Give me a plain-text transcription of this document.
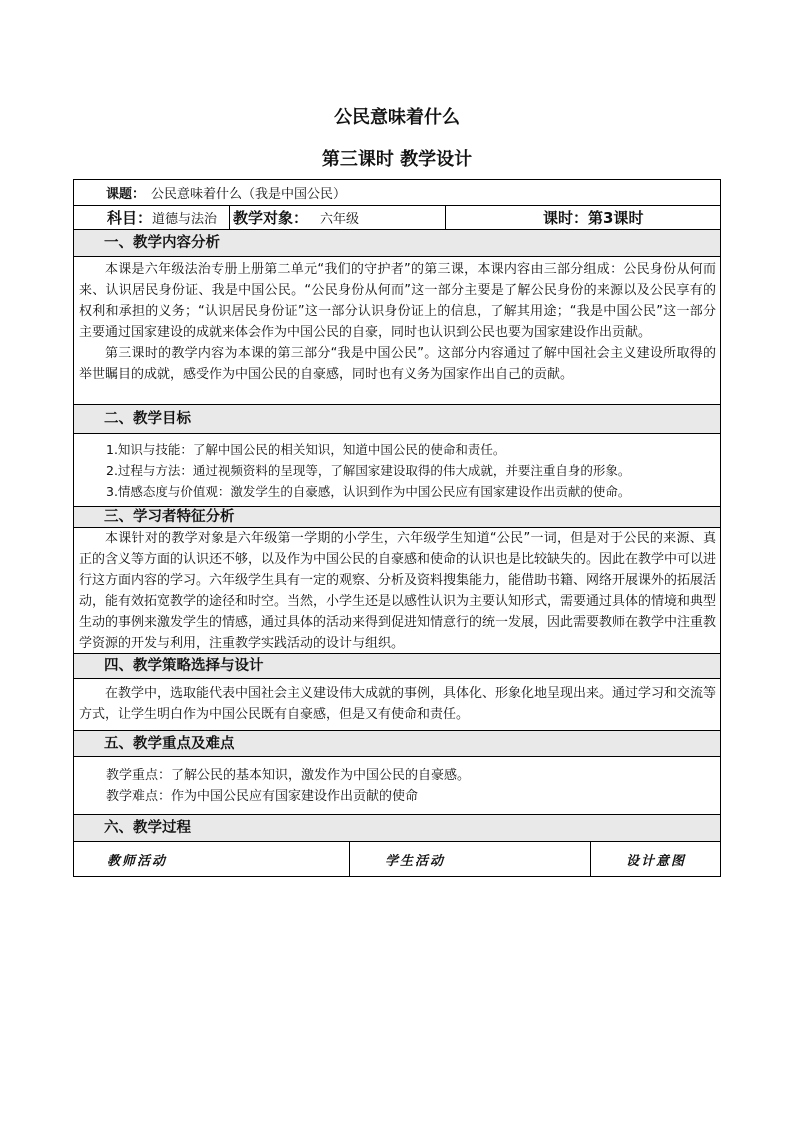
公民意味着什么
第三课时 教学设计
课题： 公民意味着什么（我是中国公民）
科目： 道德与法治 教学对象： 六年级	课时：第3课时
一、教学内容分析

本课是六年级法治专册上册第二单元“我们的守护者”的第三课，本课内容由三部分组成：公民身份从何而来、认识居民身份证、我是中国公民。“公民身份从何而”这一部分主要是了解公民身份的来源以及公民享有的权利和承担的义务；“认识居民身份证”这一部分认识身份证上的信息，了解其用途；“我是中国公民”这一部分主要通过国家建设的成就来体会作为中国公民的自豪，同时也认识到公民也要为国家建设作出贡献。

第三课时的教学内容为本课的第三部分“我是中国公民”。这部分内容通过了解中国社会主义建设所取得的举世瞩目的成就，感受作为中国公民的自豪感，同时也有义务为国家作出自己的贡献。

二、教学目标
1.知识与技能：了解中国公民的相关知识，知道中国公民的使命和责任。
2.过程与方法：通过视频资料的呈现等，了解国家建设取得的伟大成就，并要注重自身的形象。
3.情感态度与价值观：激发学生的自豪感，认识到作为中国公民应有国家建设作出贡献的使命。
三、学习者特征分析

本课针对的教学对象是六年级第一学期的小学生，六年级学生知道“公民”一词，但是对于公民的来源、真正的含义等方面的认识还不够，以及作为中国公民的自豪感和使命的认识也是比较缺失的。因此在教学中可以进行这方面内容的学习。六年级学生具有一定的观察、分析及资料搜集能力，能借助书籍、网络开展课外的拓展活动，能有效拓宽教学的途径和时空。当然，小学生还是以感性认识为主要认知形式，需要通过具体的情境和典型生动的事例来激发学生的情感，通过具体的活动来得到促进知情意行的统一发展，因此需要教师在教学中注重教学资源的开发与利用，注重教学实践活动的设计与组织。

四、教学策略选择与设计

在教学中，选取能代表中国社会主义建设伟大成就的事例，具体化、形象化地呈现出来。通过学习和交流等方式，让学生明白作为中国公民既有自豪感，但是又有使命和责任。

五、教学重点及难点
教学重点：了解公民的基本知识，激发作为中国公民的自豪感。
教学难点：作为中国公民应有国家建设作出贡献的使命
六、教学过程
教师活动	学生活动	设计意图
